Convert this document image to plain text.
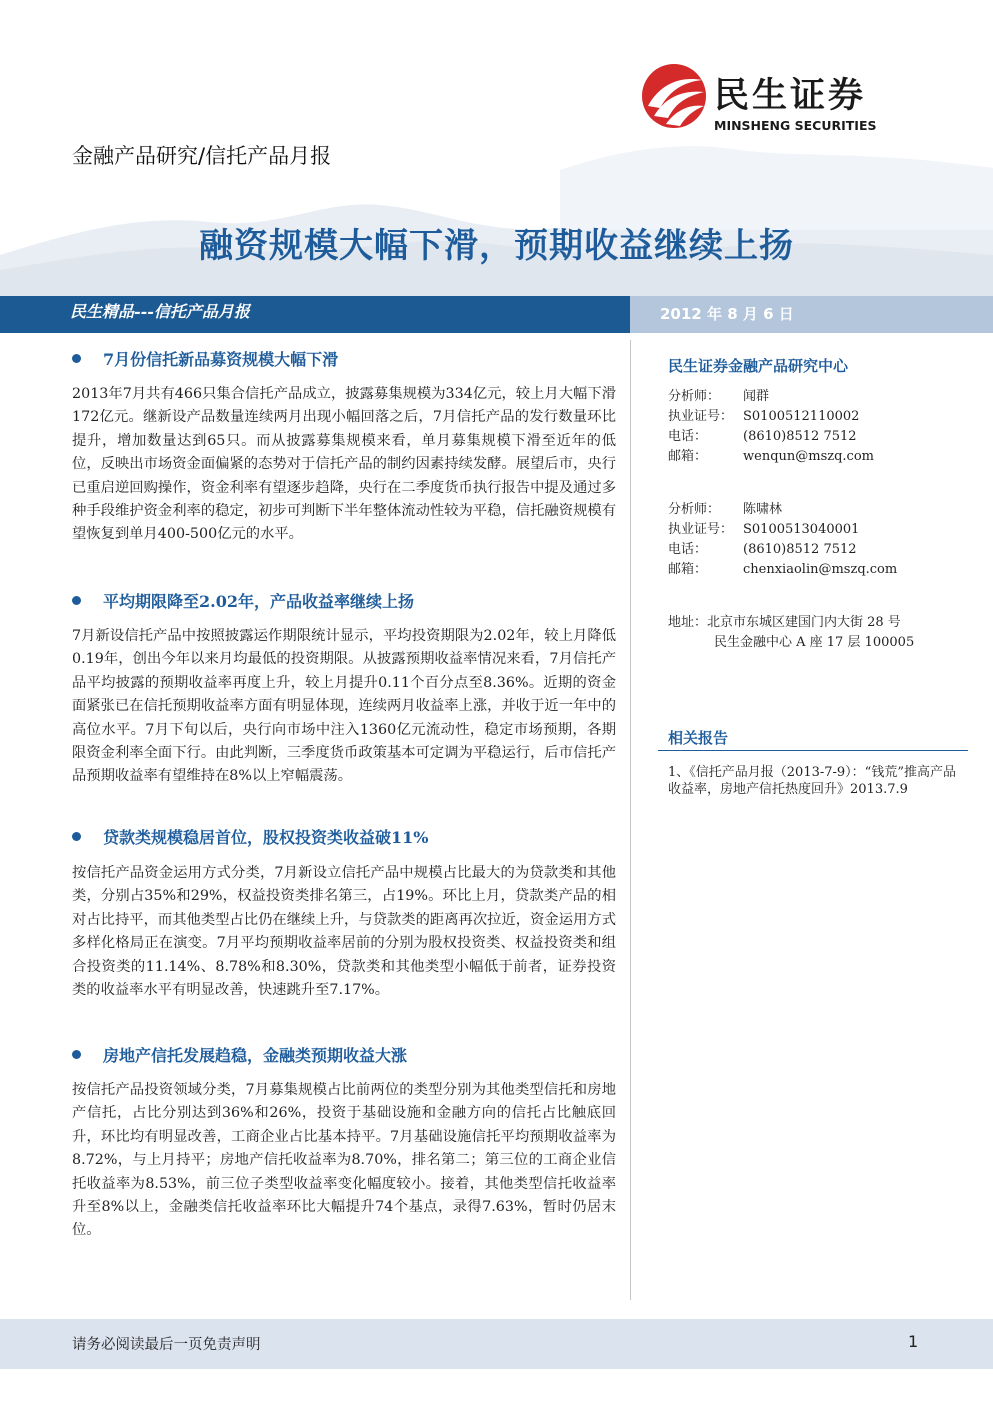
民生证券
MINSHENG SECURITIES
金融产品研究/信托产品月报
融资规模大幅下滑，预期收益继续上扬
民生精品---信托产品月报	2012 年 8 月 6 日
7月份信托新品募资规模大幅下滑
2013年7月共有466只集合信托产品成立，披露募集规模为334亿元，较上月大幅下滑172亿元。继新设产品数量连续两月出现小幅回落之后，7月信托产品的发行数量环比提升，增加数量达到65只。而从披露募集规模来看，单月募集规模下滑至近年的低位，反映出市场资金面偏紧的态势对于信托产品的制约因素持续发酵。展望后市，央行已重启逆回购操作，资金利率有望逐步趋降，央行在二季度货币执行报告中提及通过多种手段维护资金利率的稳定，初步可判断下半年整体流动性较为平稳，信托融资规模有望恢复到单月400-500亿元的水平。
平均期限降至2.02年，产品收益率继续上扬
7月新设信托产品中按照披露运作期限统计显示，平均投资期限为2.02年，较上月降低0.19年，创出今年以来月均最低的投资期限。从披露预期收益率情况来看，7月信托产品平均披露的预期收益率再度上升，较上月提升0.11个百分点至8.36%。近期的资金面紧张已在信托预期收益率方面有明显体现，连续两月收益率上涨，并收于近一年中的高位水平。7月下旬以后，央行向市场中注入1360亿元流动性，稳定市场预期，各期限资金利率全面下行。由此判断，三季度货币政策基本可定调为平稳运行，后市信托产品预期收益率有望维持在8%以上窄幅震荡。
贷款类规模稳居首位，股权投资类收益破11%
按信托产品资金运用方式分类，7月新设立信托产品中规模占比最大的为贷款类和其他类，分别占35%和29%，权益投资类排名第三，占19%。环比上月，贷款类产品的相对占比持平，而其他类型占比仍在继续上升，与贷款类的距离再次拉近，资金运用方式多样化格局正在演变。7月平均预期收益率居前的分别为股权投资类、权益投资类和组合投资类的11.14%、8.78%和8.30%，贷款类和其他类型小幅低于前者，证券投资类的收益率水平有明显改善，快速跳升至7.17%。
房地产信托发展趋稳，金融类预期收益大涨
按信托产品投资领域分类，7月募集规模占比前两位的类型分别为其他类型信托和房地产信托，占比分别达到36%和26%，投资于基础设施和金融方向的信托占比触底回升，环比均有明显改善，工商企业占比基本持平。7月基础设施信托平均预期收益率为8.72%，与上月持平；房地产信托收益率为8.70%，排名第二；第三位的工商企业信托收益率为8.53%，前三位子类型收益率变化幅度较小。接着，其他类型信托收益率升至8%以上，金融类信托收益率环比大幅提升74个基点，录得7.63%，暂时仍居末位。
民生证券金融产品研究中心
分析师：	闻群
执业证号： S0100512110002
电话：	(8610)8512 7512
邮箱：	wenqun@mszq.com
分析师：	陈啸林
执业证号： S0100513040001
电话：	(8610)8512 7512
邮箱：	chenxiaolin@mszq.com
地址：北京市东城区建国门内大街 28 号
民生金融中心 A 座 17 层 100005
相关报告
1、《信托产品月报（2013-7-9）：“钱荒”推高产品收益率，房地产信托热度回升》2013.7.9
请务必阅读最后一页免责声明	1
